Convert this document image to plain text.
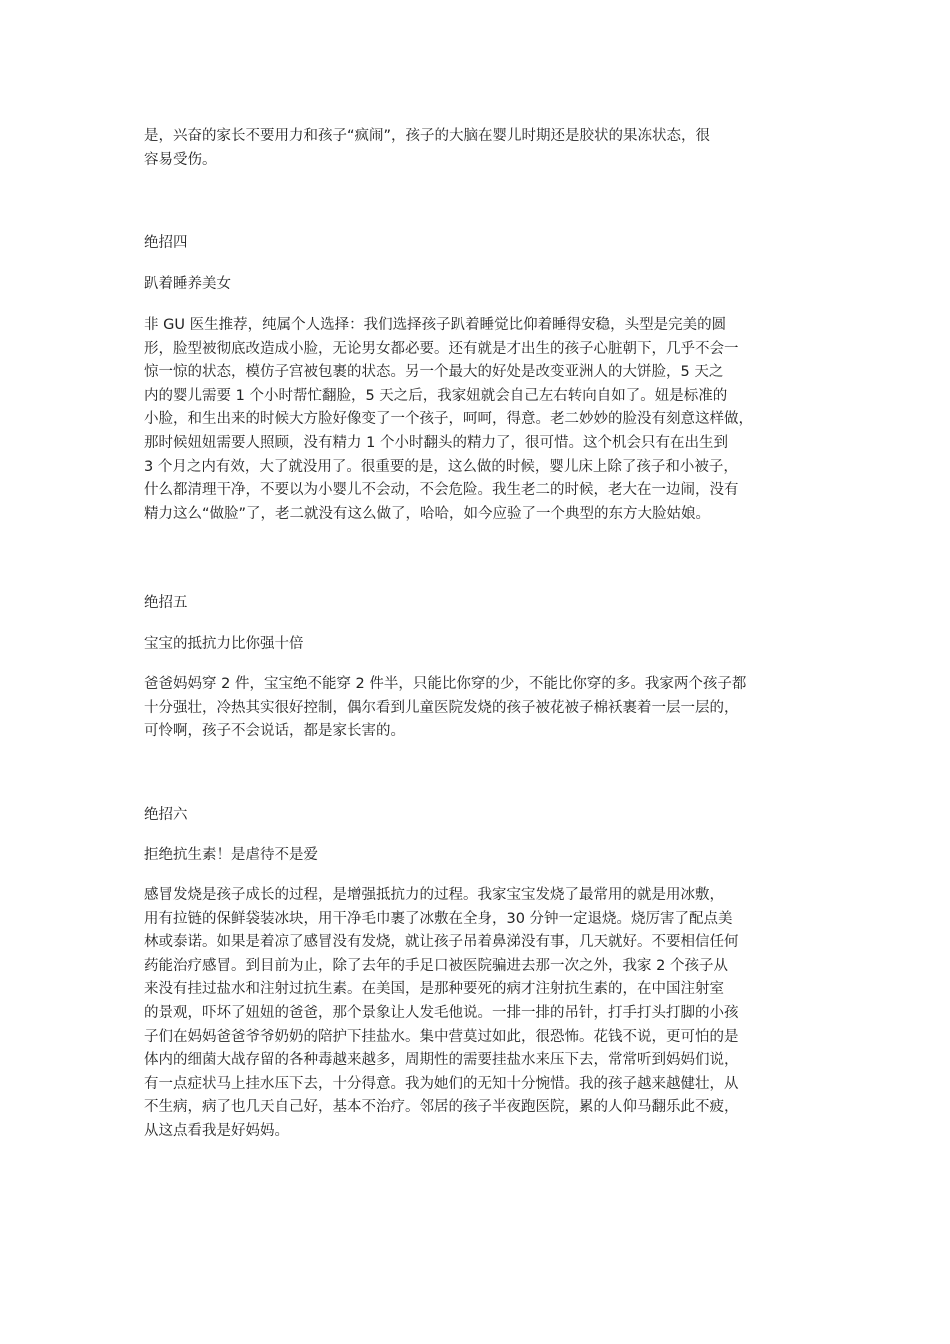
是，兴奋的家长不要用力和孩子“疯闹”，孩子的大脑在婴儿时期还是胶状的果冻状态，很
容易受伤。

绝招四

趴着睡养美女

非 GU 医生推荐，纯属个人选择：我们选择孩子趴着睡觉比仰着睡得安稳，头型是完美的圆
形，脸型被彻底改造成小脸，无论男女都必要。还有就是才出生的孩子心脏朝下，几乎不会一
惊一惊的状态，模仿子宫被包裹的状态。另一个最大的好处是改变亚洲人的大饼脸，5 天之
内的婴儿需要 1 个小时帮忙翻脸，5 天之后，我家妞就会自己左右转向自如了。妞是标准的
小脸，和生出来的时候大方脸好像变了一个孩子，呵呵，得意。老二妙妙的脸没有刻意这样做，
那时候妞妞需要人照顾，没有精力 1 个小时翻头的精力了，很可惜。这个机会只有在出生到
3 个月之内有效，大了就没用了。很重要的是，这么做的时候，婴儿床上除了孩子和小被子，
什么都清理干净，不要以为小婴儿不会动，不会危险。我生老二的时候，老大在一边闹，没有
精力这么“做脸”了，老二就没有这么做了，哈哈，如今应验了一个典型的东方大脸姑娘。

绝招五

宝宝的抵抗力比你强十倍

爸爸妈妈穿 2 件，宝宝绝不能穿 2 件半，只能比你穿的少，不能比你穿的多。我家两个孩子都
十分强壮，冷热其实很好控制，偶尔看到儿童医院发烧的孩子被花被子棉袄裹着一层一层的，
可怜啊，孩子不会说话，都是家长害的。

绝招六

拒绝抗生素！是虐待不是爱

感冒发烧是孩子成长的过程，是增强抵抗力的过程。我家宝宝发烧了最常用的就是用冰敷，
用有拉链的保鲜袋装冰块，用干净毛巾裹了冰敷在全身，30 分钟一定退烧。烧厉害了配点美
林或泰诺。如果是着凉了感冒没有发烧，就让孩子吊着鼻涕没有事，几天就好。不要相信任何
药能治疗感冒。到目前为止，除了去年的手足口被医院骗进去那一次之外，我家 2 个孩子从
来没有挂过盐水和注射过抗生素。在美国，是那种要死的病才注射抗生素的，在中国注射室
的景观，吓坏了妞妞的爸爸，那个景象让人发毛他说。一排一排的吊针，打手打头打脚的小孩
子们在妈妈爸爸爷爷奶奶的陪护下挂盐水。集中营莫过如此，很恐怖。花钱不说，更可怕的是
体内的细菌大战存留的各种毒越来越多，周期性的需要挂盐水来压下去，常常听到妈妈们说，
有一点症状马上挂水压下去，十分得意。我为她们的无知十分惋惜。我的孩子越来越健壮，从
不生病，病了也几天自己好，基本不治疗。邻居的孩子半夜跑医院，累的人仰马翻乐此不疲，
从这点看我是好妈妈。
